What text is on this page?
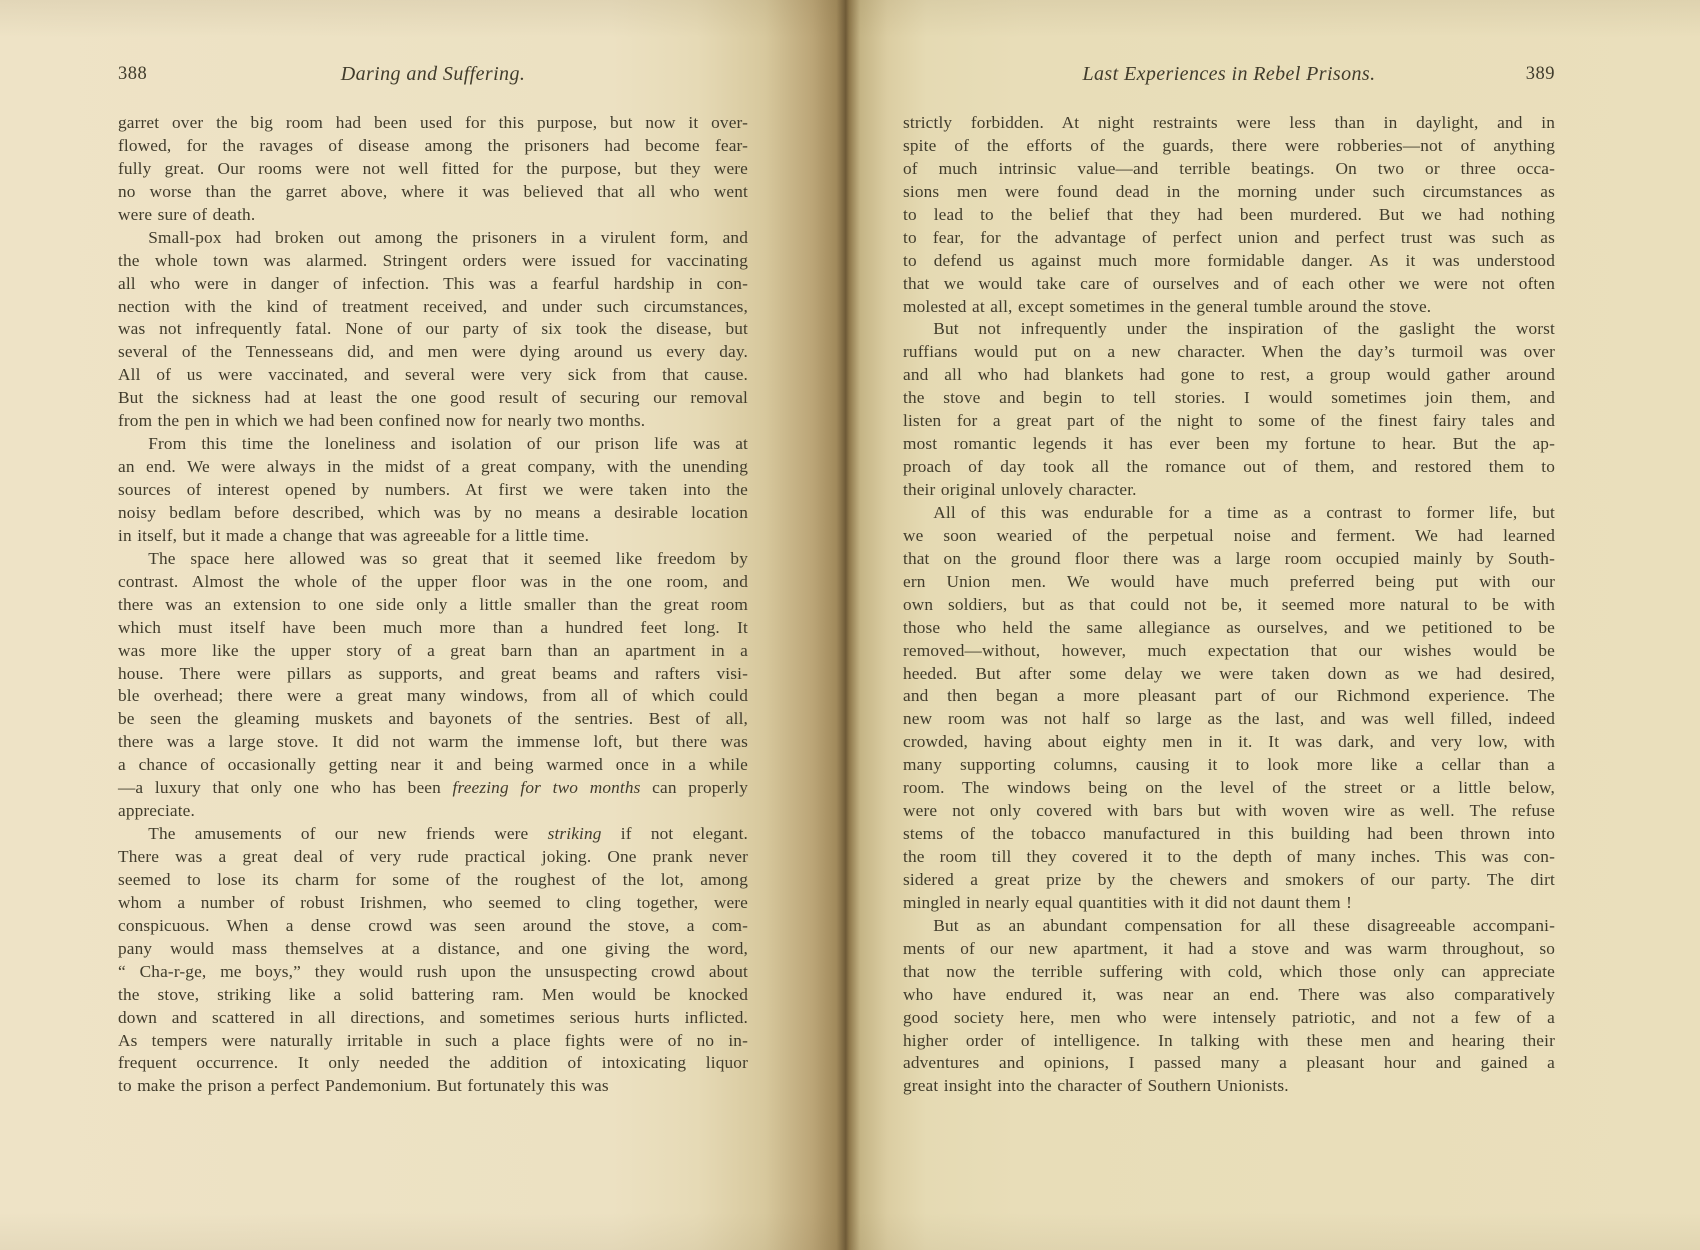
388	Daring and Suffering.
garret over the big room had been used for this purpose, but now it over-
flowed, for the ravages of disease among the prisoners had become fear-
fully great. Our rooms were not well fitted for the purpose, but they were
no worse than the garret above, where it was believed that all who went
were sure of death.
Small-pox had broken out among the prisoners in a virulent form, and
the whole town was alarmed. Stringent orders were issued for vaccinating
all who were in danger of infection. This was a fearful hardship in con-
nection with the kind of treatment received, and under such circumstances,
was not infrequently fatal. None of our party of six took the disease, but
several of the Tennesseans did, and men were dying around us every day.
All of us were vaccinated, and several were very sick from that cause.
But the sickness had at least the one good result of securing our removal
from the pen in which we had been confined now for nearly two months.
From this time the loneliness and isolation of our prison life was at
an end. We were always in the midst of a great company, with the unending
sources of interest opened by numbers. At first we were taken into the
noisy bedlam before described, which was by no means a desirable location
in itself, but it made a change that was agreeable for a little time.
The space here allowed was so great that it seemed like freedom by
contrast. Almost the whole of the upper floor was in the one room, and
there was an extension to one side only a little smaller than the great room
which must itself have been much more than a hundred feet long. It
was more like the upper story of a great barn than an apartment in a
house. There were pillars as supports, and great beams and rafters visi-
ble overhead; there were a great many windows, from all of which could
be seen the gleaming muskets and bayonets of the sentries. Best of all,
there was a large stove. It did not warm the immense loft, but there was
a chance of occasionally getting near it and being warmed once in a while
—a luxury that only one who has been freezing for two months can properly
appreciate.
The amusements of our new friends were striking if not elegant.
There was a great deal of very rude practical joking. One prank never
seemed to lose its charm for some of the roughest of the lot, among
whom a number of robust Irishmen, who seemed to cling together, were
conspicuous. When a dense crowd was seen around the stove, a com-
pany would mass themselves at a distance, and one giving the word,
“ Cha-r-ge, me boys,” they would rush upon the unsuspecting crowd about
the stove, striking like a solid battering ram. Men would be knocked
down and scattered in all directions, and sometimes serious hurts inflicted.
As tempers were naturally irritable in such a place fights were of no in-
frequent occurrence. It only needed the addition of intoxicating liquor
to make the prison a perfect Pandemonium. But fortunately this was
389
Last Experiences in Rebel Prisons.
strictly forbidden. At night restraints were less than in daylight, and in
spite of the efforts of the guards, there were robberies—not of anything
of much intrinsic value—and terrible beatings. On two or three occa-
sions men were found dead in the morning under such circumstances as
to lead to the belief that they had been murdered. But we had nothing
to fear, for the advantage of perfect union and perfect trust was such as
to defend us against much more formidable danger. As it was understood
that we would take care of ourselves and of each other we were not often
molested at all, except sometimes in the general tumble around the stove.
But not infrequently under the inspiration of the gaslight the worst
ruffians would put on a new character. When the day’s turmoil was over
and all who had blankets had gone to rest, a group would gather around
the stove and begin to tell stories. I would sometimes join them, and
listen for a great part of the night to some of the finest fairy tales and
most romantic legends it has ever been my fortune to hear. But the ap-
proach of day took all the romance out of them, and restored them to
their original unlovely character.
All of this was endurable for a time as a contrast to former life, but
we soon wearied of the perpetual noise and ferment. We had learned
that on the ground floor there was a large room occupied mainly by South-
ern Union men. We would have much preferred being put with our
own soldiers, but as that could not be, it seemed more natural to be with
those who held the same allegiance as ourselves, and we petitioned to be
removed—without, however, much expectation that our wishes would be
heeded. But after some delay we were taken down as we had desired,
and then began a more pleasant part of our Richmond experience. The
new room was not half so large as the last, and was well filled, indeed
crowded, having about eighty men in it. It was dark, and very low, with
many supporting columns, causing it to look more like a cellar than a
room. The windows being on the level of the street or a little below,
were not only covered with bars but with woven wire as well. The refuse
stems of the tobacco manufactured in this building had been thrown into
the room till they covered it to the depth of many inches. This was con-
sidered a great prize by the chewers and smokers of our party. The dirt
mingled in nearly equal quantities with it did not daunt them !
But as an abundant compensation for all these disagreeable accompani-
ments of our new apartment, it had a stove and was warm throughout, so
that now the terrible suffering with cold, which those only can appreciate
who have endured it, was near an end. There was also comparatively
good society here, men who were intensely patriotic, and not a few of a
higher order of intelligence. In talking with these men and hearing their
adventures and opinions, I passed many a pleasant hour and gained a
great insight into the character of Southern Unionists.
